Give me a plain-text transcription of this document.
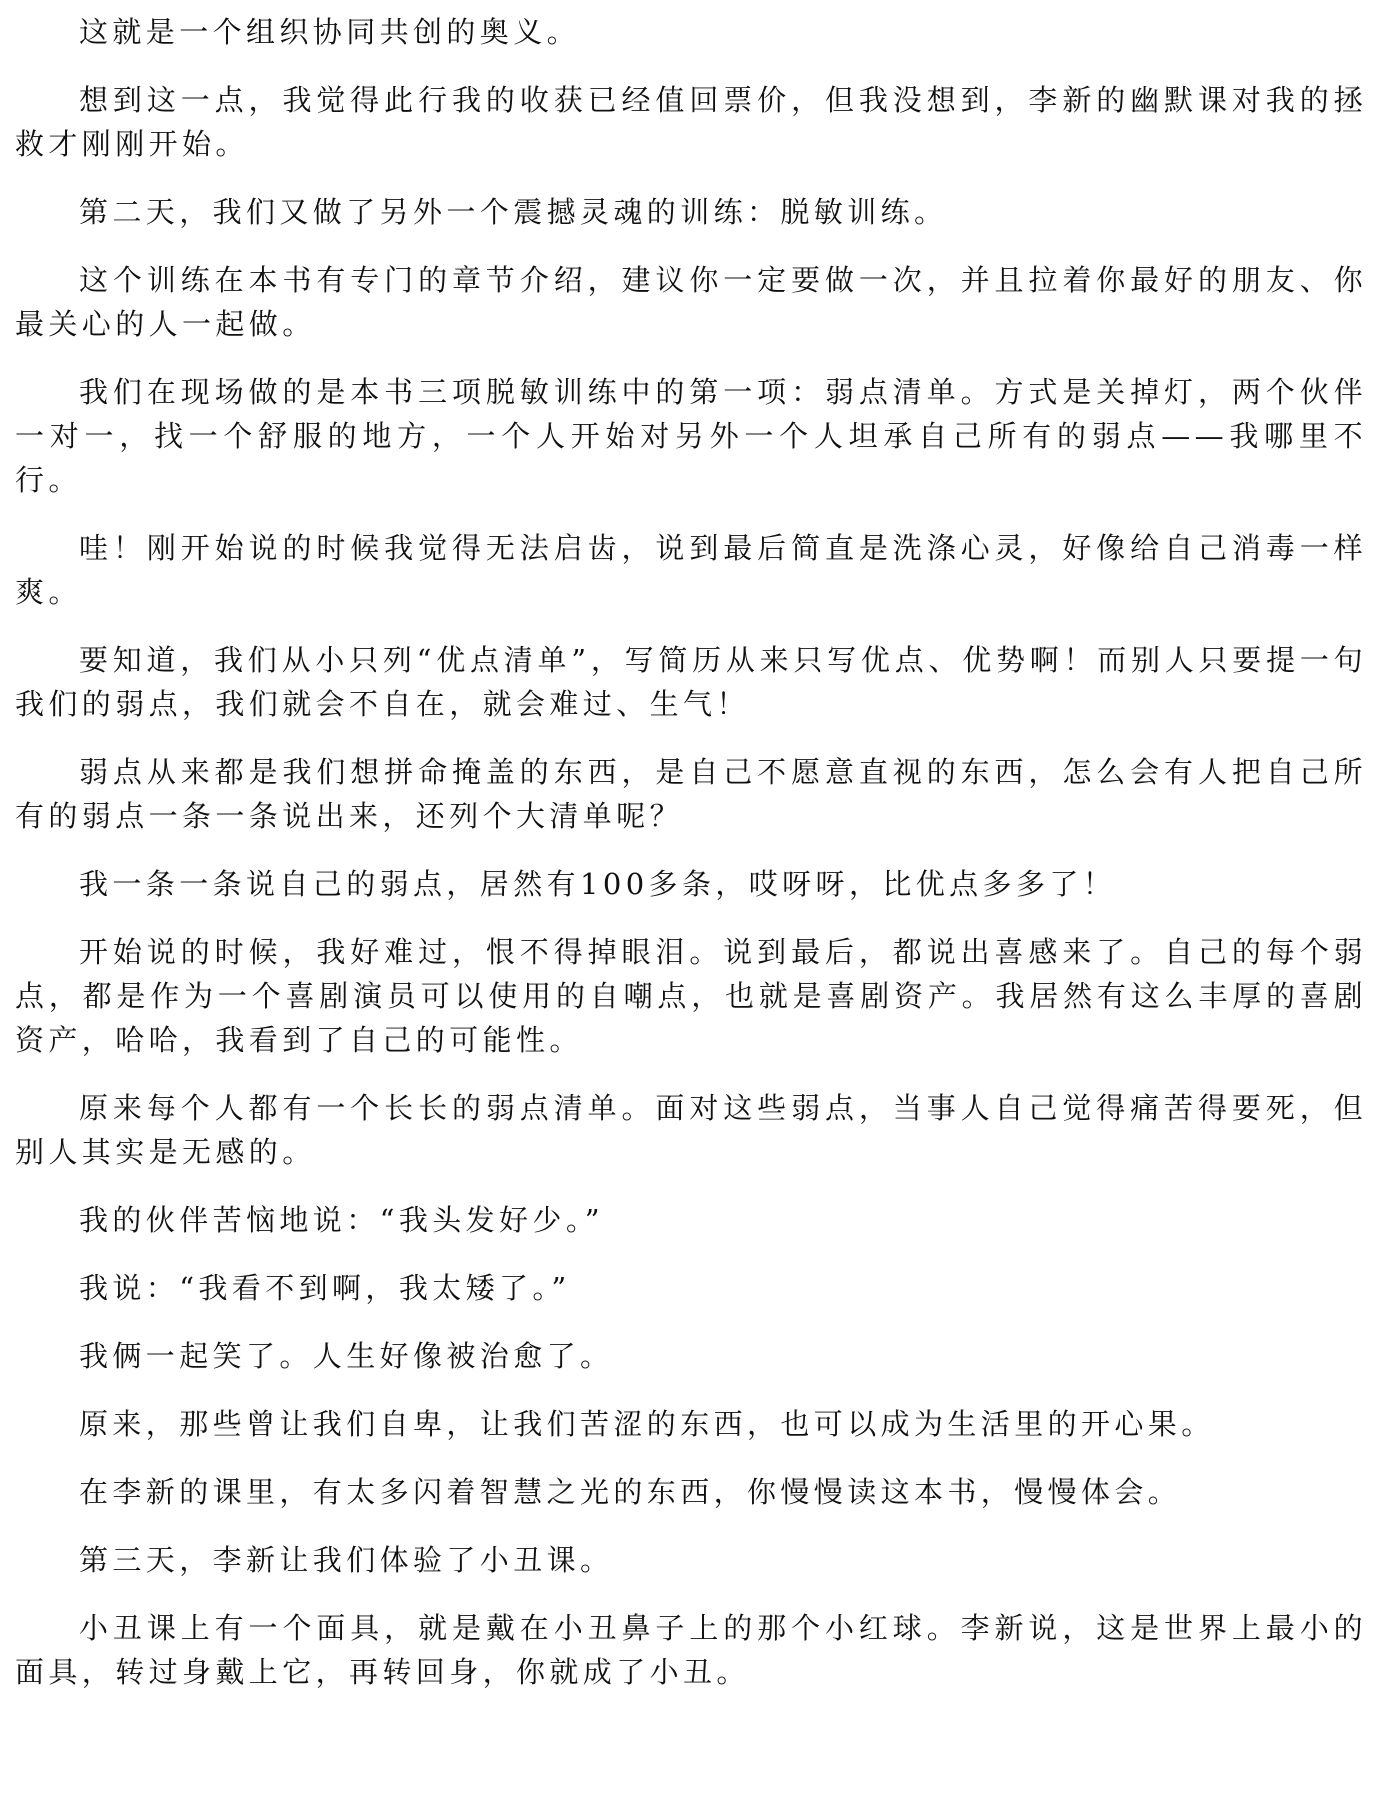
这就是一个组织协同共创的奥义。

想到这一点，我觉得此行我的收获已经值回票价，但我没想到，李新的幽默课对我的拯救才刚刚开始。

第二天，我们又做了另外一个震撼灵魂的训练：脱敏训练。

这个训练在本书有专门的章节介绍，建议你一定要做一次，并且拉着你最好的朋友、你最关心的人一起做。

我们在现场做的是本书三项脱敏训练中的第一项：弱点清单。方式是关掉灯，两个伙伴一对一，找一个舒服的地方，一个人开始对另外一个人坦承自己所有的弱点——我哪里不行。

哇！刚开始说的时候我觉得无法启齿，说到最后简直是洗涤心灵，好像给自己消毒一样爽。

要知道，我们从小只列“优点清单”，写简历从来只写优点、优势啊！而别人只要提一句我们的弱点，我们就会不自在，就会难过、生气！

弱点从来都是我们想拼命掩盖的东西，是自己不愿意直视的东西，怎么会有人把自己所有的弱点一条一条说出来，还列个大清单呢？

我一条一条说自己的弱点，居然有100多条，哎呀呀，比优点多多了！

开始说的时候，我好难过，恨不得掉眼泪。说到最后，都说出喜感来了。自己的每个弱点，都是作为一个喜剧演员可以使用的自嘲点，也就是喜剧资产。我居然有这么丰厚的喜剧资产，哈哈，我看到了自己的可能性。

原来每个人都有一个长长的弱点清单。面对这些弱点，当事人自己觉得痛苦得要死，但别人其实是无感的。

我的伙伴苦恼地说：“我头发好少。”

我说：“我看不到啊，我太矮了。”

我俩一起笑了。人生好像被治愈了。

原来，那些曾让我们自卑，让我们苦涩的东西，也可以成为生活里的开心果。

在李新的课里，有太多闪着智慧之光的东西，你慢慢读这本书，慢慢体会。

第三天，李新让我们体验了小丑课。

小丑课上有一个面具，就是戴在小丑鼻子上的那个小红球。李新说，这是世界上最小的面具，转过身戴上它，再转回身，你就成了小丑。
